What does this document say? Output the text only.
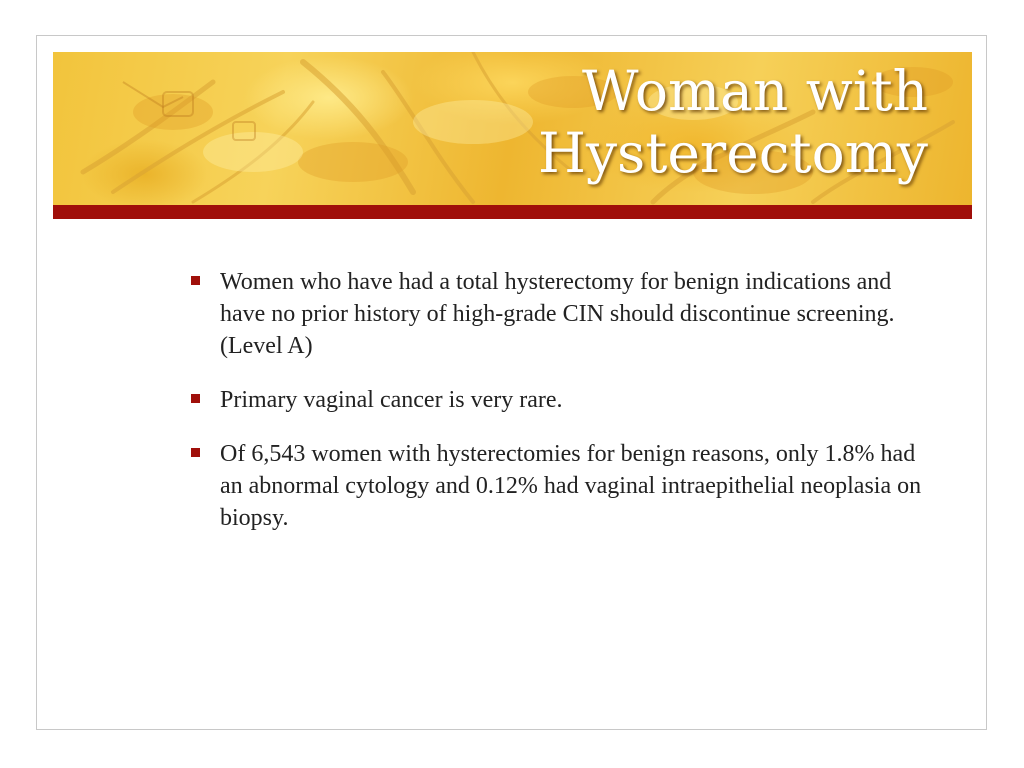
Woman with
Hysterectomy
Women who have had a total hysterectomy for benign indications and have no prior history of high-grade CIN should discontinue screening. (Level A)
Primary vaginal cancer is very rare.
Of 6,543 women with hysterectomies for benign reasons, only 1.8% had an abnormal cytology and 0.12% had vaginal intraepithelial neoplasia on biopsy.
